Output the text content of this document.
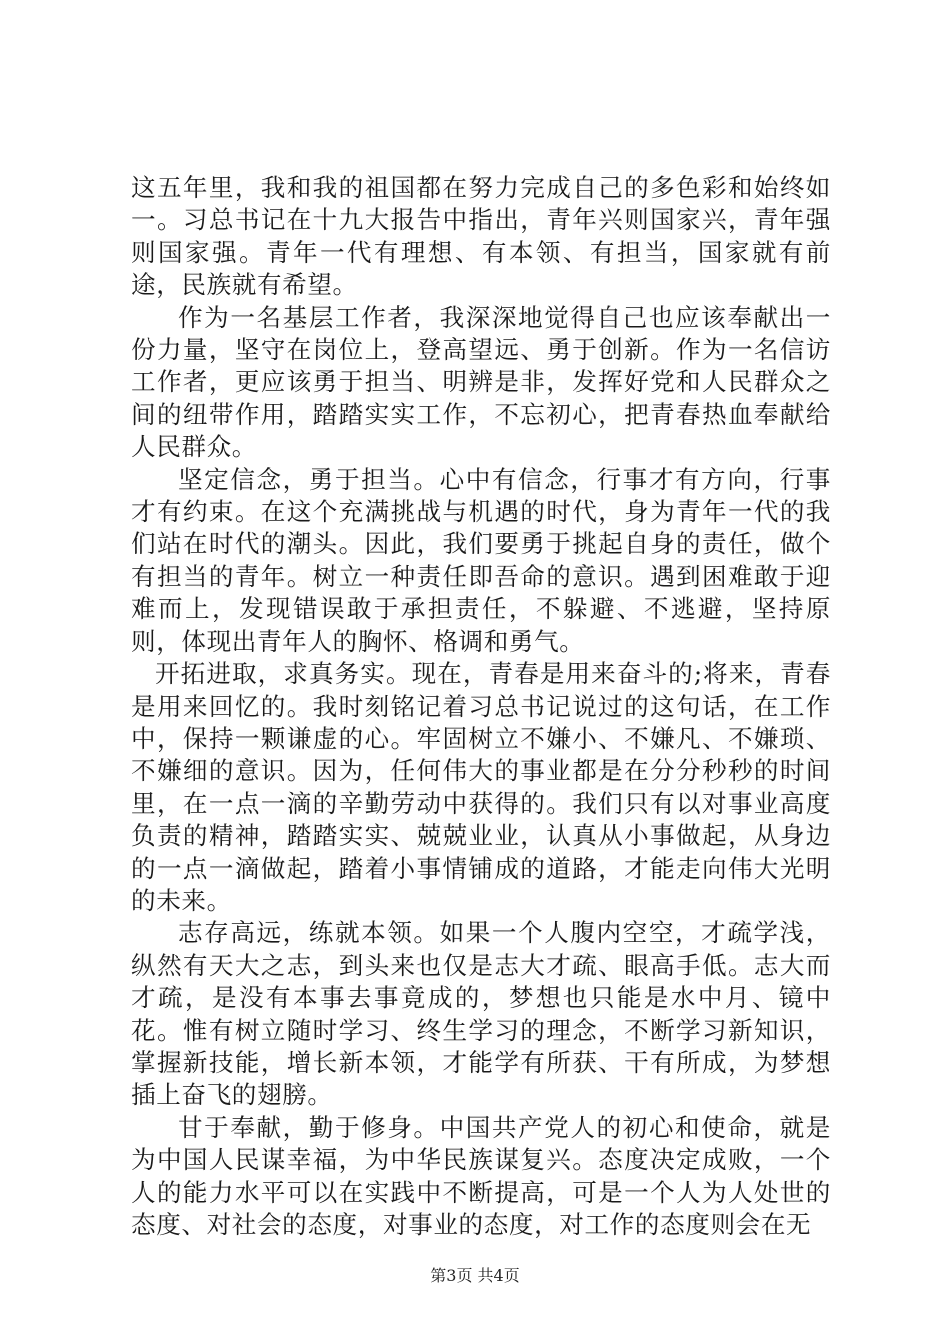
这五年里，我和我的祖国都在努力完成自己的多色彩和始终如一。习总书记在十九大报告中指出，青年兴则国家兴，青年强则国家强。青年一代有理想、有本领、有担当，国家就有前途，民族就有希望。

作为一名基层工作者，我深深地觉得自己也应该奉献出一份力量，坚守在岗位上，登高望远、勇于创新。作为一名信访工作者，更应该勇于担当、明辨是非，发挥好党和人民群众之间的纽带作用，踏踏实实工作，不忘初心，把青春热血奉献给人民群众。

坚定信念，勇于担当。心中有信念，行事才有方向，行事才有约束。在这个充满挑战与机遇的时代，身为青年一代的我们站在时代的潮头。因此，我们要勇于挑起自身的责任，做个有担当的青年。树立一种责任即吾命的意识。遇到困难敢于迎难而上，发现错误敢于承担责任，不躲避、不逃避，坚持原则，体现出青年人的胸怀、格调和勇气。

开拓进取，求真务实。现在，青春是用来奋斗的;将来，青春是用来回忆的。我时刻铭记着习总书记说过的这句话，在工作中，保持一颗谦虚的心。牢固树立不嫌小、不嫌凡、不嫌琐、不嫌细的意识。因为，任何伟大的事业都是在分分秒秒的时间里，在一点一滴的辛勤劳动中获得的。我们只有以对事业高度负责的精神，踏踏实实、兢兢业业，认真从小事做起，从身边的一点一滴做起，踏着小事情铺成的道路，才能走向伟大光明的未来。

志存高远，练就本领。如果一个人腹内空空，才疏学浅，纵然有天大之志，到头来也仅是志大才疏、眼高手低。志大而才疏，是没有本事去事竟成的，梦想也只能是水中月、镜中花。惟有树立随时学习、终生学习的理念，不断学习新知识，掌握新技能，增长新本领，才能学有所获、干有所成，为梦想插上奋飞的翅膀。

甘于奉献，勤于修身。中国共产党人的初心和使命，就是为中国人民谋幸福，为中华民族谋复兴。态度决定成败，一个人的能力水平可以在实践中不断提高，可是一个人为人处世的态度、对社会的态度，对事业的态度，对工作的态度则会在无

第3页 共4页
